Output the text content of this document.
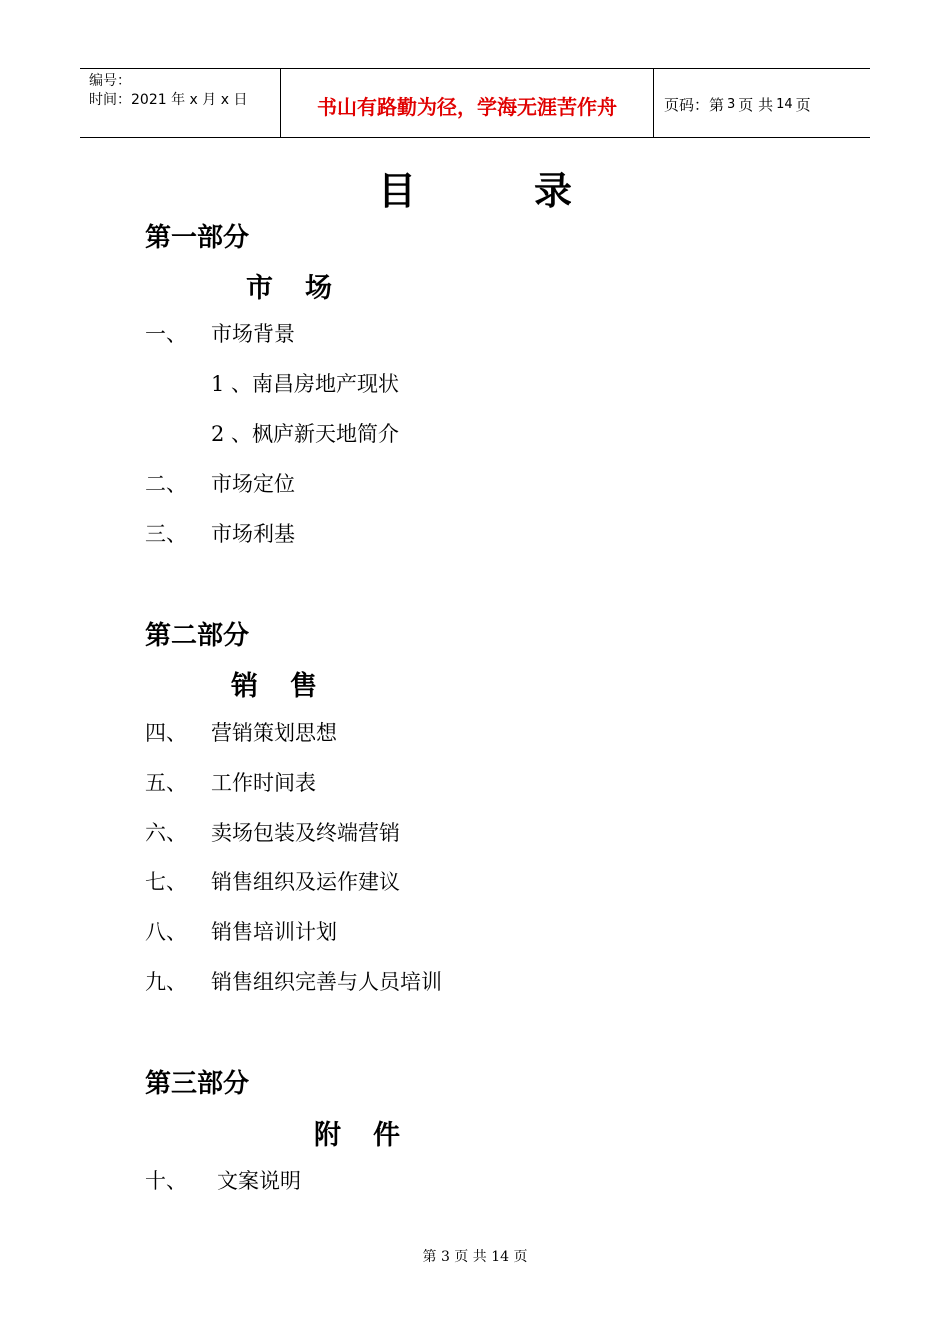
编号：
时间：2021 年 x 月 x 日	书山有路勤为径，学海无涯苦作舟	页码：第 3 页 共 14 页
目	录
第一部分
市 场
一、 市场背景
1 、南昌房地产现状
2 、枫庐新天地简介
二、 市场定位
三、 市场利基
第二部分
销 售
四、 营销策划思想
五、 工作时间表
六、 卖场包装及终端营销
七、 销售组织及运作建议
八、 销售培训计划
九、 销售组织完善与人员培训
第三部分
附 件
十、 文案说明
第 3 页 共 14 页
